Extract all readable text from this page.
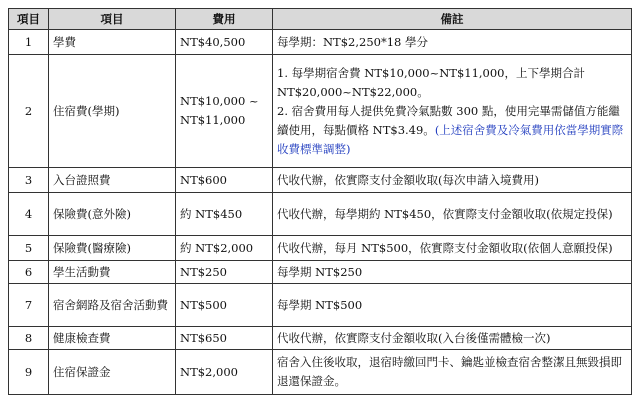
項目	項目	費用	備註
1	學費	NT$40,500	每學期：NT$2,250*18 學分
2	住宿費(學期)	NT$10,000 ~ NT$11,000	1. 每學期宿舍費 NT$10,000~NT$11,000，上下學期合計 NT$20,000~NT$22,000。
2. 宿舍費用每人提供免費冷氣點數 300 點，使用完畢需儲值方能繼續使用，每點價格 NT$3.49。(上述宿舍費及冷氣費用依當學期實際收費標準調整)
3	入台證照費	NT$600	代收代辦，依實際支付金額收取(每次申請入境費用)
4	保險費(意外險)	約 NT$450	代收代辦，每學期約 NT$450，依實際支付金額收取(依規定投保)
5	保險費(醫療險)	約 NT$2,000	代收代辦，每月 NT$500，依實際支付金額收取(依個人意願投保)
6	學生活動費	NT$250	每學期 NT$250
7	宿舍網路及宿舍活動費	NT$500	每學期 NT$500
8	健康檢查費	NT$650	代收代辦，依實際支付金額收取(入台後僅需體檢一次)
9	住宿保證金	NT$2,000	宿舍入住後收取，退宿時繳回門卡、鑰匙並檢查宿舍整潔且無毀損即退還保證金。
